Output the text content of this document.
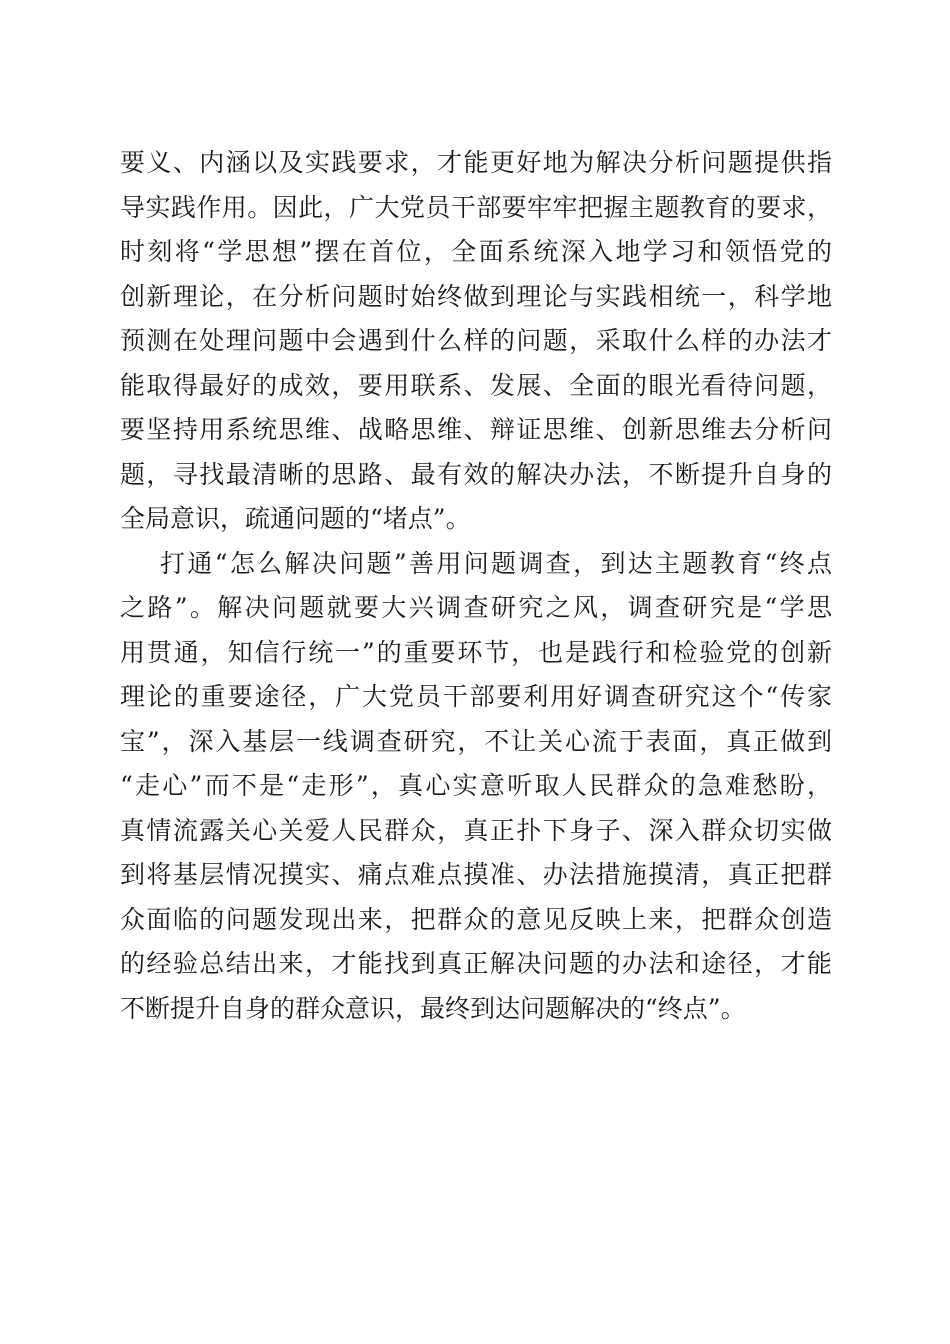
要义、内涵以及实践要求，才能更好地为解决分析问题提供指
导实践作用。因此，广大党员干部要牢牢把握主题教育的要求，
时刻将“学思想”摆在首位，全面系统深入地学习和领悟党的
创新理论，在分析问题时始终做到理论与实践相统一，科学地
预测在处理问题中会遇到什么样的问题，采取什么样的办法才
能取得最好的成效，要用联系、发展、全面的眼光看待问题，
要坚持用系统思维、战略思维、辩证思维、创新思维去分析问
题，寻找最清晰的思路、最有效的解决办法，不断提升自身的
全局意识，疏通问题的“堵点”。
打通“怎么解决问题”善用问题调查，到达主题教育“终点
之路”。解决问题就要大兴调查研究之风，调查研究是“学思
用贯通，知信行统一”的重要环节，也是践行和检验党的创新
理论的重要途径，广大党员干部要利用好调查研究这个“传家
宝”，深入基层一线调查研究，不让关心流于表面，真正做到
“走心”而不是“走形”，真心实意听取人民群众的急难愁盼，
真情流露关心关爱人民群众，真正扑下身子、深入群众切实做
到将基层情况摸实、痛点难点摸准、办法措施摸清，真正把群
众面临的问题发现出来，把群众的意见反映上来，把群众创造
的经验总结出来，才能找到真正解决问题的办法和途径，才能
不断提升自身的群众意识，最终到达问题解决的“终点”。
